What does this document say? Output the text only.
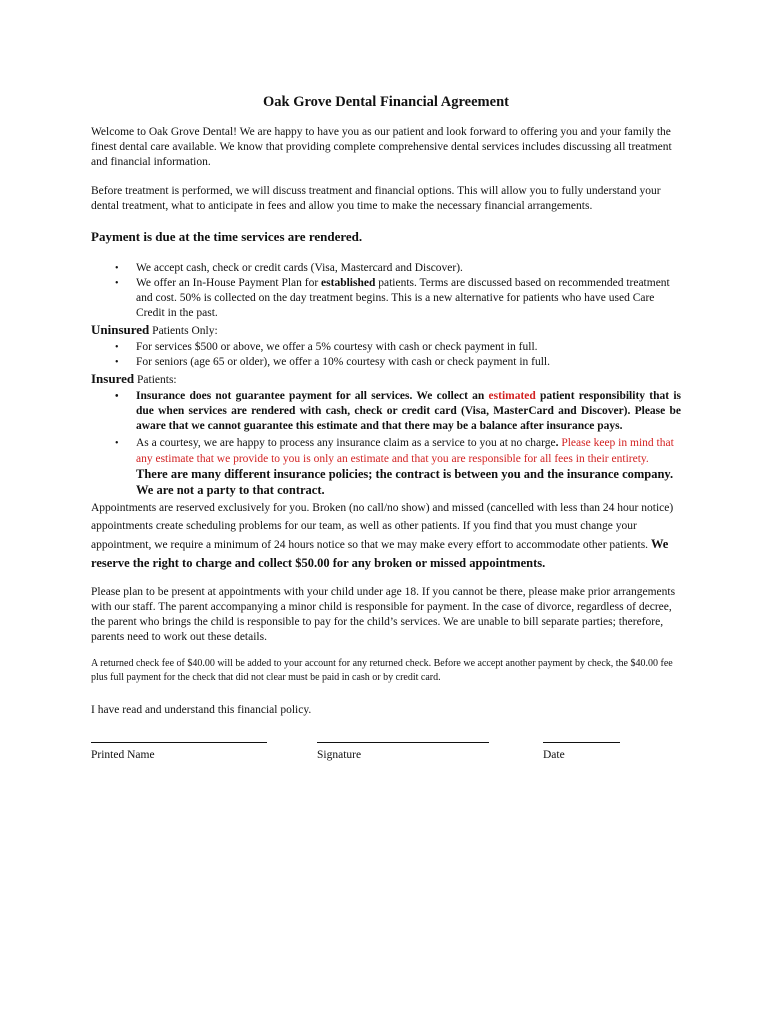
Oak Grove Dental Financial Agreement

Welcome to Oak Grove Dental! We are happy to have you as our patient and look forward to offering you and your family the finest dental care available. We know that providing complete comprehensive dental services includes discussing all treatment and financial information.

Before treatment is performed, we will discuss treatment and financial options. This will allow you to fully understand your dental treatment, what to anticipate in fees and allow you time to make the necessary financial arrangements.

Payment is due at the time services are rendered.
• We accept cash, check or credit cards (Visa, Mastercard and Discover).
• We offer an In-House Payment Plan for established patients. Terms are discussed based on recommended treatment and cost. 50% is collected on the day treatment begins. This is a new alternative for patients who have used Care Credit in the past.
Uninsured Patients Only:
• For services $500 or above, we offer a 5% courtesy with cash or check payment in full.
• For seniors (age 65 or older), we offer a 10% courtesy with cash or check payment in full.
Insured Patients:
• Insurance does not guarantee payment for all services. We collect an estimated patient responsibility that is due when services are rendered with cash, check or credit card (Visa, MasterCard and Discover). Please be aware that we cannot guarantee this estimate and that there may be a balance after insurance pays.
• As a courtesy, we are happy to process any insurance claim as a service to you at no charge. Please keep in mind that any estimate that we provide to you is only an estimate and that you are responsible for all fees in their entirety. There are many different insurance policies; the contract is between you and the insurance company. We are not a party to that contract.

Appointments are reserved exclusively for you. Broken (no call/no show) and missed (cancelled with less than 24 hour notice) appointments create scheduling problems for our team, as well as other patients. If you find that you must change your appointment, we require a minimum of 24 hours notice so that we may make every effort to accommodate other patients. We reserve the right to charge and collect $50.00 for any broken or missed appointments.

Please plan to be present at appointments with your child under age 18. If you cannot be there, please make prior arrangements with our staff. The parent accompanying a minor child is responsible for payment. In the case of divorce, regardless of decree, the parent who brings the child is responsible to pay for the child’s services. We are unable to bill separate parties; therefore, parents need to work out these details.

A returned check fee of $40.00 will be added to your account for any returned check. Before we accept another payment by check, the $40.00 fee plus full payment for the check that did not clear must be paid in cash or by credit card.

I have read and understand this financial policy.

Printed Name	Signature	Date
